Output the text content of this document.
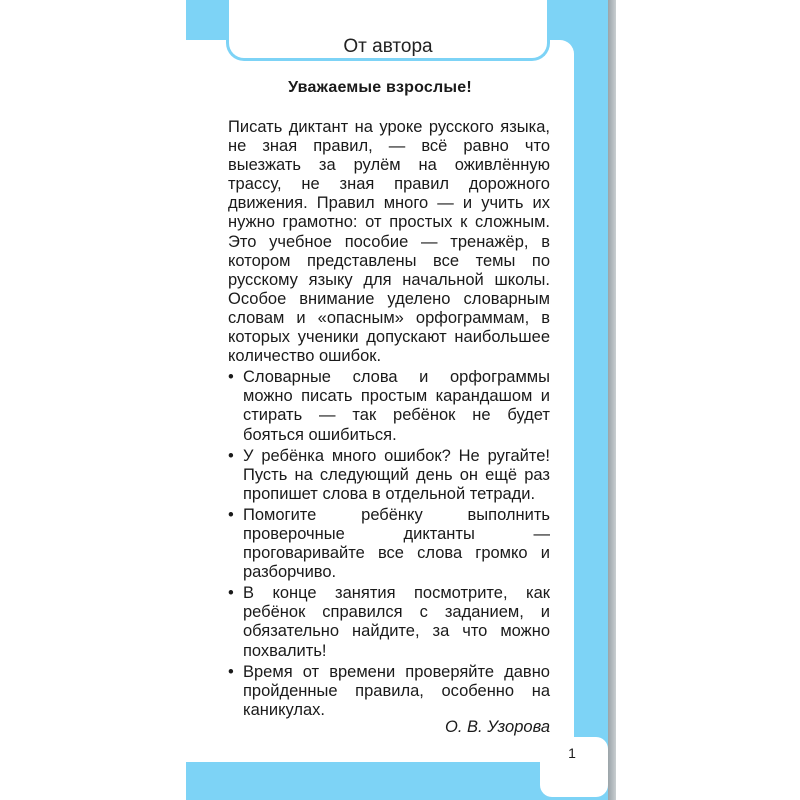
От автора
Уважаемые взрослые!

Писать диктант на уроке русского языка, не зная правил, — всё равно что выезжать за рулём на оживлённую трассу, не зная правил дорожного движения. Правил много — и учить их нужно грамотно: от простых к сложным. Это учебное пособие — тренажёр, в котором представлены все темы по русскому языку для начальной школы. Особое внимание уделено словарным словам и «опасным» орфограммам, в которых ученики допускают наибольшее количество ошибок.

• Словарные слова и орфограммы можно писать простым карандашом и стирать — так ребёнок не будет бояться ошибиться.
• У ребёнка много ошибок? Не ругайте! Пусть на следующий день он ещё раз пропишет слова в отдельной тетради.
• Помогите ребёнку выполнить проверочные диктанты — проговаривайте все слова громко и разборчиво.
• В конце занятия посмотрите, как ребёнок справился с заданием, и обязательно найдите, за что можно похвалить!
• Время от времени проверяйте давно пройденные правила, особенно на каникулах.
О. В. Узорова
1
